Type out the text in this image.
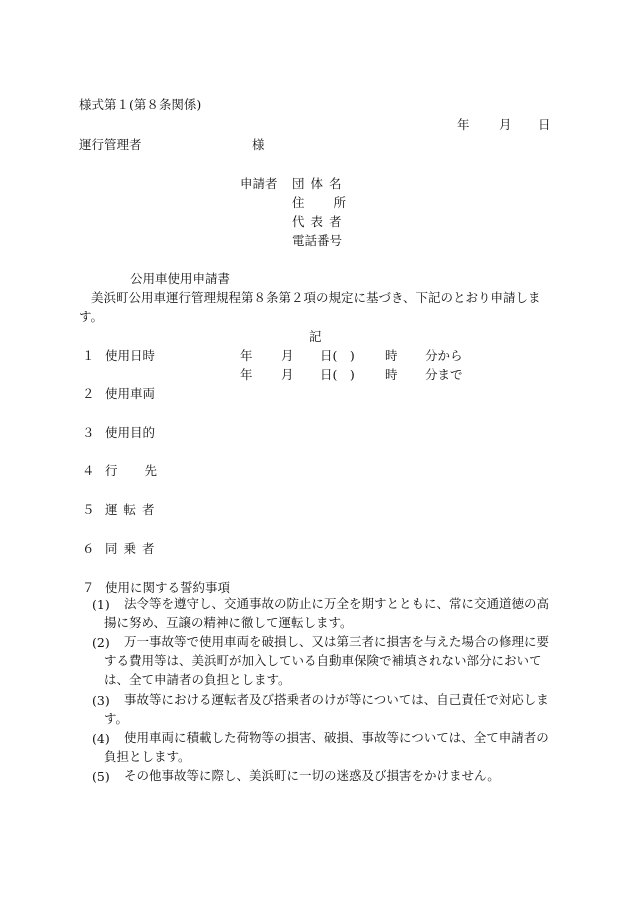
様式第１(第８条関係)
年 月 日
運行管理者	様
申請者 団体名
住所
代表者
電話番号
公用車使用申請書
美浜町公用車運行管理規程第８条第２項の規定に基づき、下記のとおり申請します。
記
１ 使用日時	年 月 日(　) 時 分から
年 月 日(　) 時 分まで
２ 使用車両
３ 使用目的
４ 行先
５ 運転者
６ 同乗者
７ 使用に関する誓約事項
(1)	法令等を遵守し、交通事故の防止に万全を期すとともに、常に交通道徳の高揚に努め、互譲の精神に徹して運転します。
(2)	万一事故等で使用車両を破損し、又は第三者に損害を与えた場合の修理に要する費用等は、美浜町が加入している自動車保険で補填されない部分においては、全て申請者の負担とします。
(3)	事故等における運転者及び搭乗者のけが等については、自己責任で対応します。
(4)	使用車両に積載した荷物等の損害、破損、事故等については、全て申請者の負担とします。
(5)	その他事故等に際し、美浜町に一切の迷惑及び損害をかけません。
